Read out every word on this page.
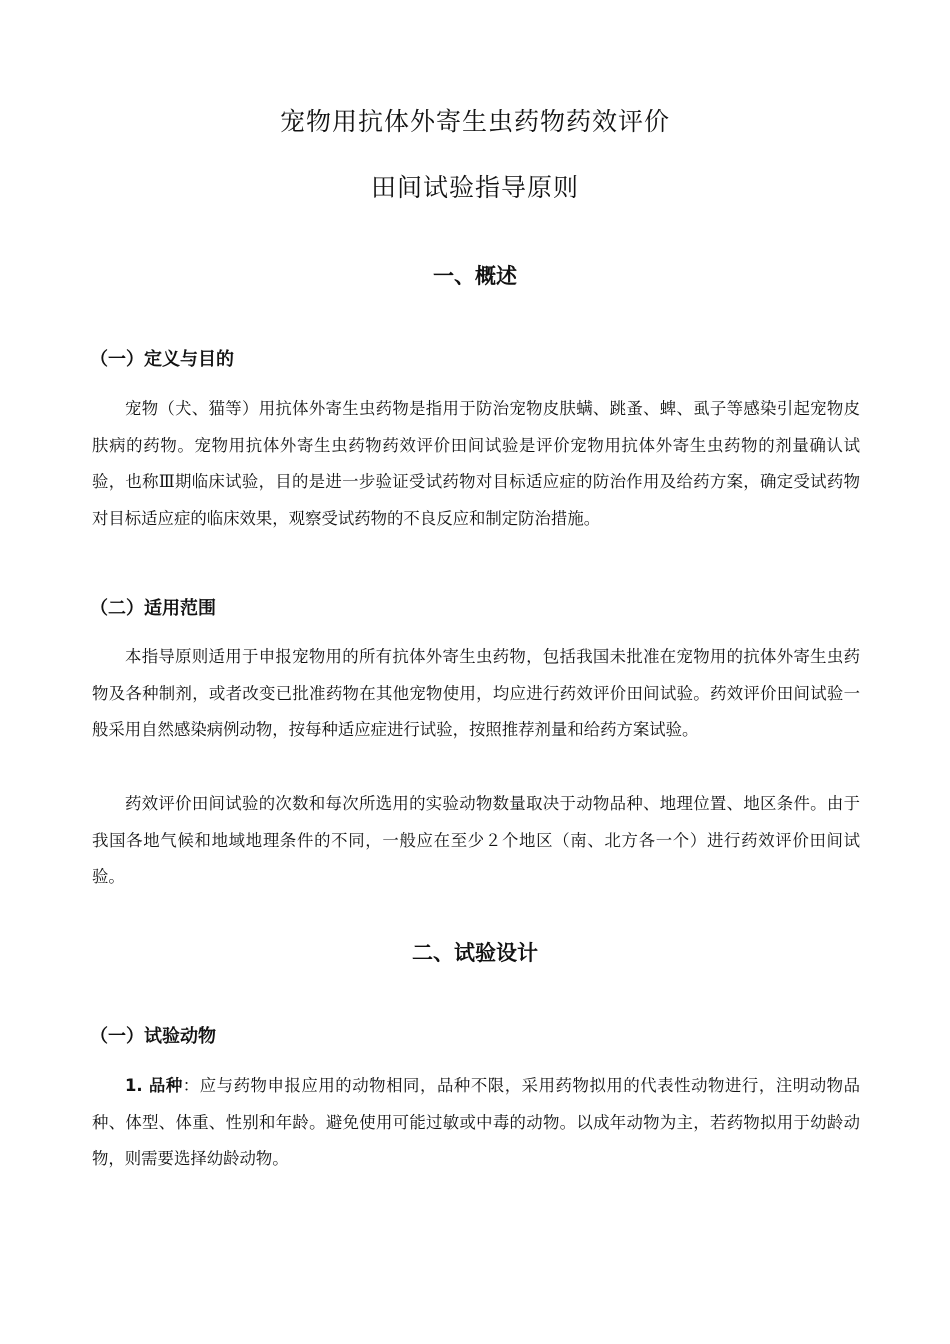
宠物用抗体外寄生虫药物药效评价
田间试验指导原则
一、概述
（一）定义与目的

宠物（犬、猫等）用抗体外寄生虫药物是指用于防治宠物皮肤螨、跳蚤、蜱、虱子等感染引起宠物皮肤病的药物。宠物用抗体外寄生虫药物药效评价田间试验是评价宠物用抗体外寄生虫药物的剂量确认试验，也称Ⅲ期临床试验，目的是进一步验证受试药物对目标适应症的防治作用及给药方案，确定受试药物对目标适应症的临床效果，观察受试药物的不良反应和制定防治措施。

（二）适用范围

本指导原则适用于申报宠物用的所有抗体外寄生虫药物，包括我国未批准在宠物用的抗体外寄生虫药物及各种制剂，或者改变已批准药物在其他宠物使用，均应进行药效评价田间试验。药效评价田间试验一般采用自然感染病例动物，按每种适应症进行试验，按照推荐剂量和给药方案试验。

药效评价田间试验的次数和每次所选用的实验动物数量取决于动物品种、地理位置、地区条件。由于我国各地气候和地域地理条件的不同，一般应在至少２个地区（南、北方各一个）进行药效评价田间试验。

二、试验设计
（一）试验动物

1. 品种：应与药物申报应用的动物相同，品种不限，采用药物拟用的代表性动物进行，注明动物品种、体型、体重、性别和年龄。避免使用可能过敏或中毒的动物。以成年动物为主，若药物拟用于幼龄动物，则需要选择幼龄动物。
